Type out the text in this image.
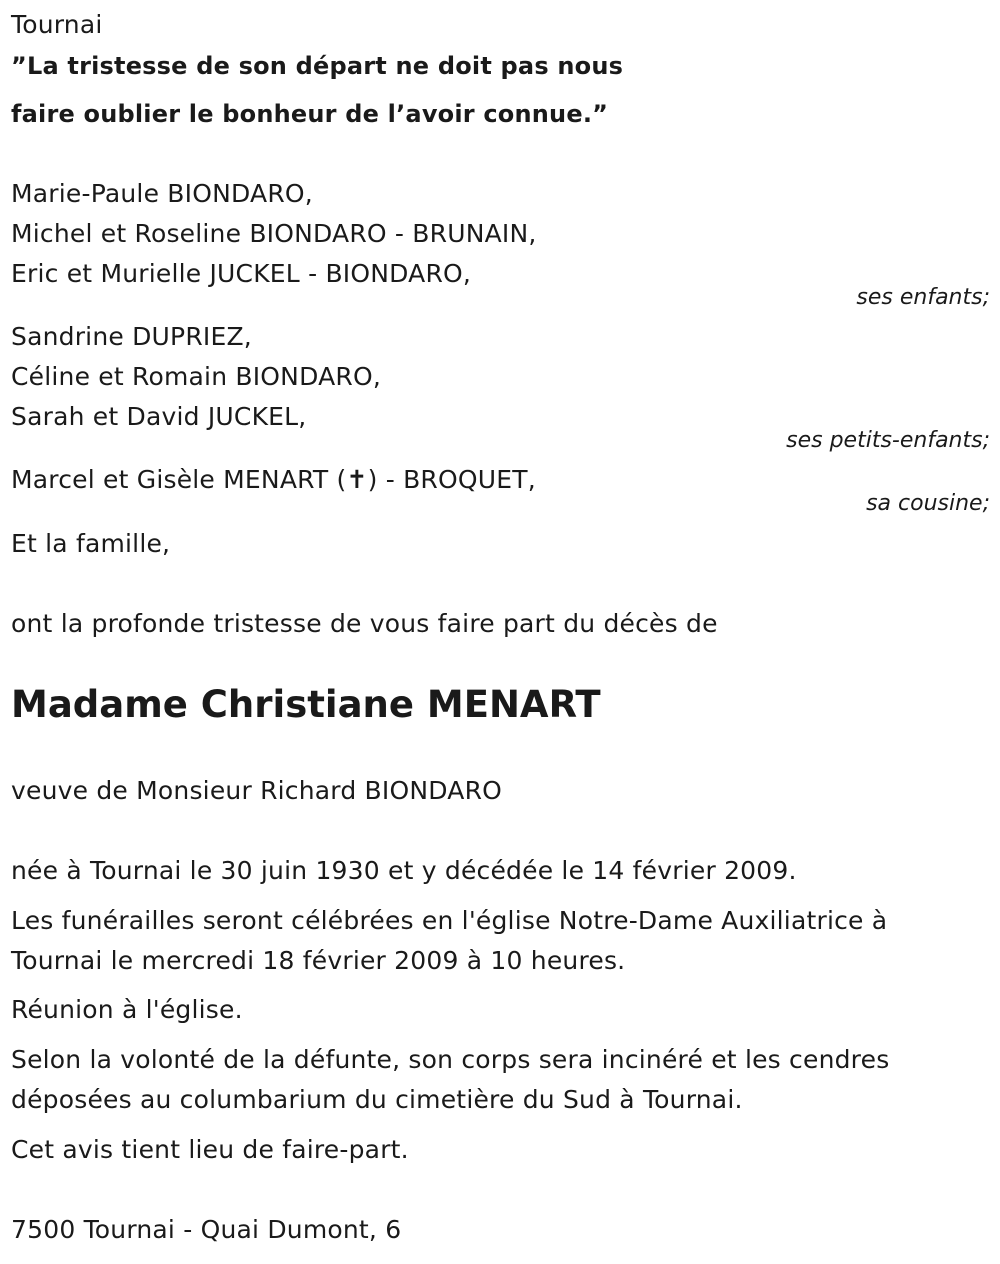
Tournai
”La tristesse de son départ ne doit pas nous
faire oublier le bonheur de l’avoir connue.”
Marie-Paule BIONDARO,
Michel et Roseline BIONDARO - BRUNAIN,
Eric et Murielle JUCKEL - BIONDARO,
ses enfants;
Sandrine DUPRIEZ,
Céline et Romain BIONDARO,
Sarah et David JUCKEL,
ses petits-enfants;
Marcel et Gisèle MENART (✝) - BROQUET,
sa cousine;
Et la famille,
ont la profonde tristesse de vous faire part du décès de
Madame Christiane MENART
veuve de Monsieur Richard BIONDARO
née à Tournai le 30 juin 1930 et y décédée le 14 février 2009.
Les funérailles seront célébrées en l'église Notre-Dame Auxiliatrice à
Tournai le mercredi 18 février 2009 à 10 heures.
Réunion à l'église.
Selon la volonté de la défunte, son corps sera incinéré et les cendres
déposées au columbarium du cimetière du Sud à Tournai.
Cet avis tient lieu de faire-part.
7500 Tournai - Quai Dumont, 6
